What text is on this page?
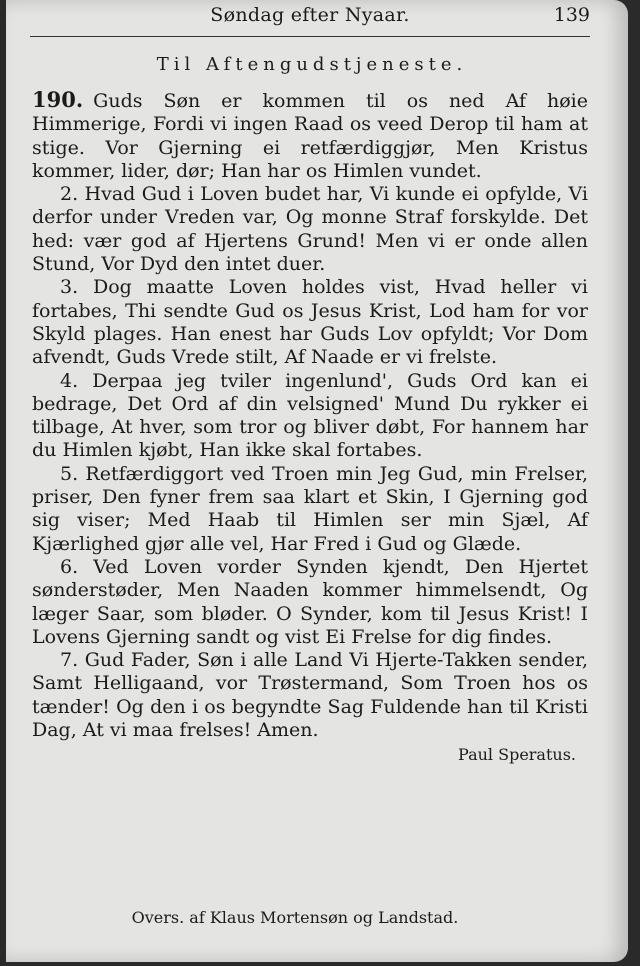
Søndag efter Nyaar.	139
Til Aftengudstjeneste.

190. Guds Søn er kommen til os ned Af høie Himmerige, Fordi vi ingen Raad os veed Derop til ham at stige. Vor Gjerning ei retfærdiggjør, Men Kristus kommer, lider, dør; Han har os Himlen vundet.

2. Hvad Gud i Loven budet har, Vi kunde ei opfylde, Vi derfor under Vreden var, Og monne Straf forskylde. Det hed: vær god af Hjertens Grund! Men vi er onde allen Stund, Vor Dyd den intet duer.

3. Dog maatte Loven holdes vist, Hvad heller vi fortabes, Thi sendte Gud os Jesus Krist, Lod ham for vor Skyld plages. Han enest har Guds Lov opfyldt; Vor Dom afvendt, Guds Vrede stilt, Af Naade er vi frelste.

4. Derpaa jeg tviler ingenlund', Guds Ord kan ei bedrage, Det Ord af din velsigned' Mund Du rykker ei tilbage, At hver, som tror og bliver døbt, For hannem har du Himlen kjøbt, Han ikke skal fortabes.

5. Retfærdiggort ved Troen min Jeg Gud, min Frelser, priser, Den fyner frem saa klart et Skin, I Gjerning god sig viser; Med Haab til Himlen ser min Sjæl, Af Kjærlighed gjør alle vel, Har Fred i Gud og Glæde.

6. Ved Loven vorder Synden kjendt, Den Hjertet sønderstøder, Men Naaden kommer himmelsendt, Og læger Saar, som bløder. O Synder, kom til Jesus Krist! I Lovens Gjerning sandt og vist Ei Frelse for dig findes.

7. Gud Fader, Søn i alle Land Vi Hjerte-Takken sender, Samt Helligaand, vor Trøstermand, Som Troen hos os tænder! Og den i os begyndte Sag Fuldende han til Kristi Dag, At vi maa frelses! Amen.

Paul Speratus.

Overs. af Klaus Mortensøn og Landstad.
